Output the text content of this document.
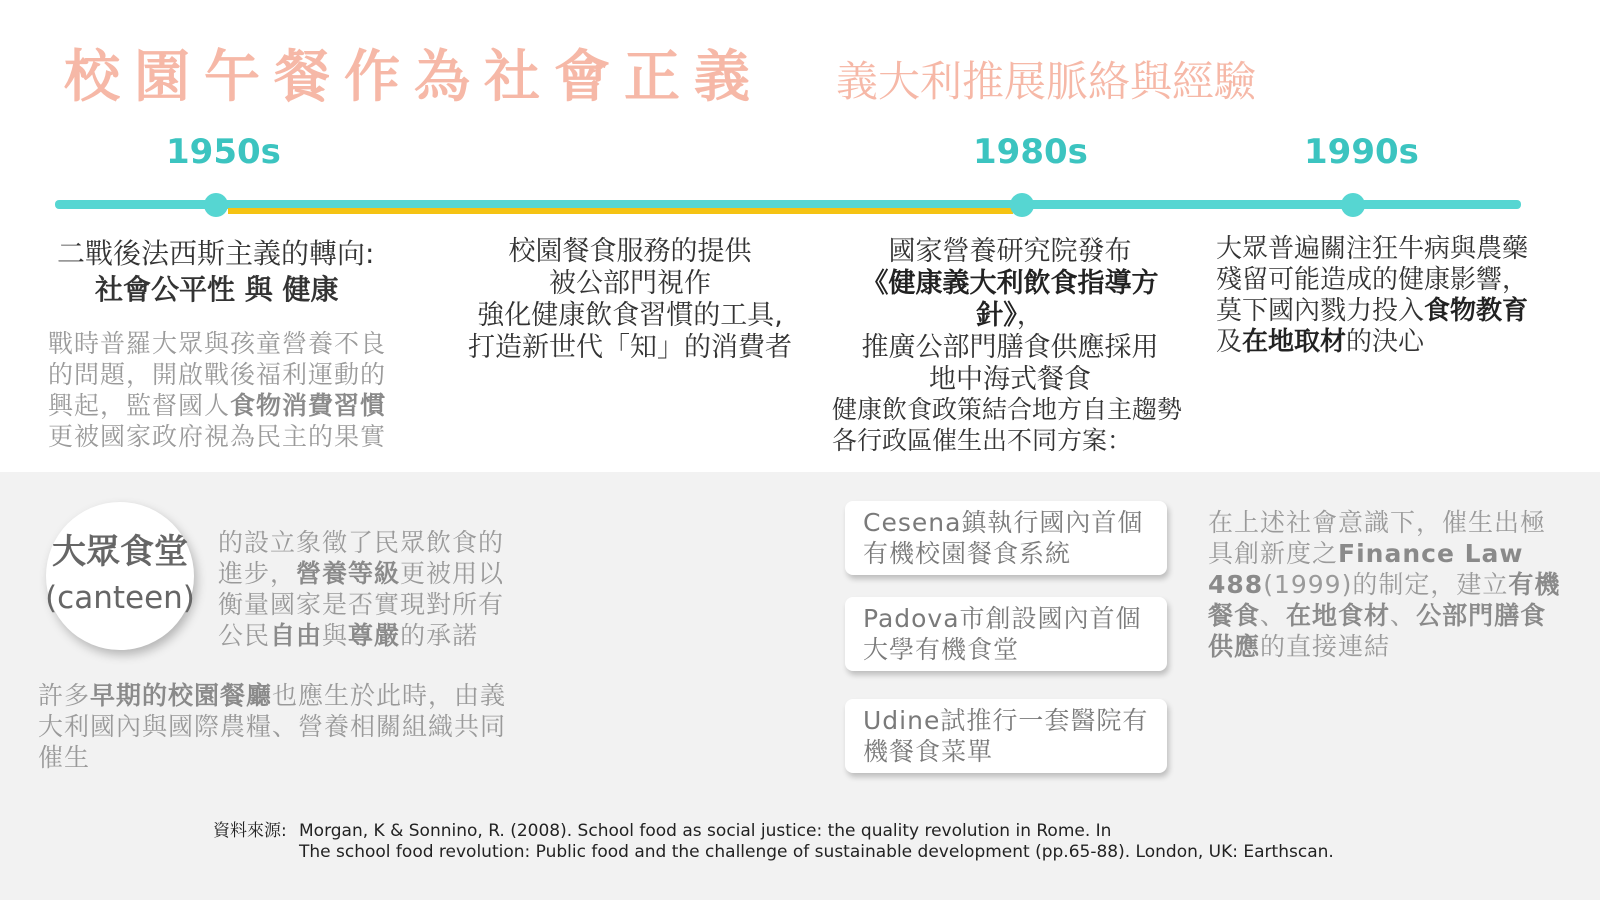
校園午餐作為社會正義 義大利推展脈絡與經驗
1950s	1980s	1990s
二戰後法西斯主義的轉向:
社會公平性 與 健康
戰時普羅大眾與孩童營養不良的問題，開啟戰後福利運動的興起，監督國人食物消費習慣更被國家政府視為民主的果實
校園餐食服務的提供
被公部門視作
強化健康飲食習慣的工具,
打造新世代「知」的消費者
國家營養研究院發布
《健康義大利飲食指導方針》，
推廣公部門膳食供應採用
地中海式餐食
健康飲食政策結合地方自主趨勢
各行政區催生出不同方案：
大眾普遍關注狂牛病與農藥殘留可能造成的健康影響，莫下國內戮力投入食物教育及在地取材的決心
大眾食堂
(canteen)
的設立象徵了民眾飲食的進步，營養等級更被用以衡量國家是否實現對所有公民自由與尊嚴的承諾
許多早期的校園餐廳也應生於此時，由義大利國內與國際農糧、營養相關組織共同催生
Cesena鎮執行國內首個有機校園餐食系統
Padova市創設國內首個大學有機食堂
Udine試推行一套醫院有機餐食菜單
在上述社會意識下，催生出極具創新度之Finance Law 488(1999)的制定，建立有機餐食、在地食材、公部門膳食供應的直接連結
資料來源: Morgan, K & Sonnino, R. (2008). School food as social justice: the quality revolution in Rome. In
The school food revolution: Public food and the challenge of sustainable development (pp.65-88). London, UK: Earthscan.
